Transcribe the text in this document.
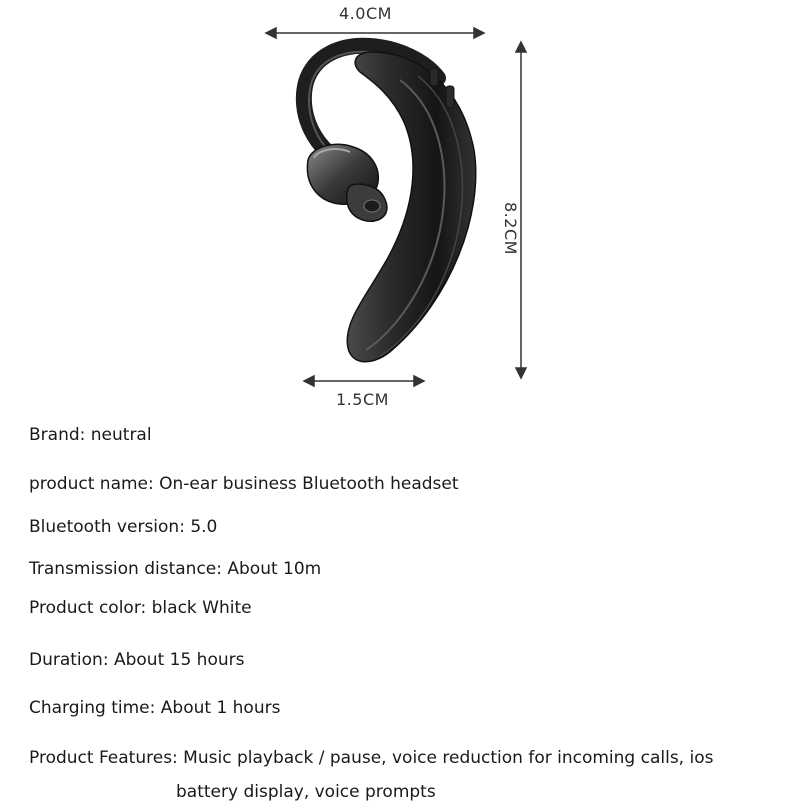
4.0CM
8.2CM
1.5CM
Brand: neutral
product name: On-ear business Bluetooth headset
Bluetooth version: 5.0
Transmission distance: About 10m
Product color: black White
Duration: About 15 hours
Charging time: About 1 hours
Product Features: Music playback / pause, voice reduction for incoming calls, ios battery display, voice prompts
